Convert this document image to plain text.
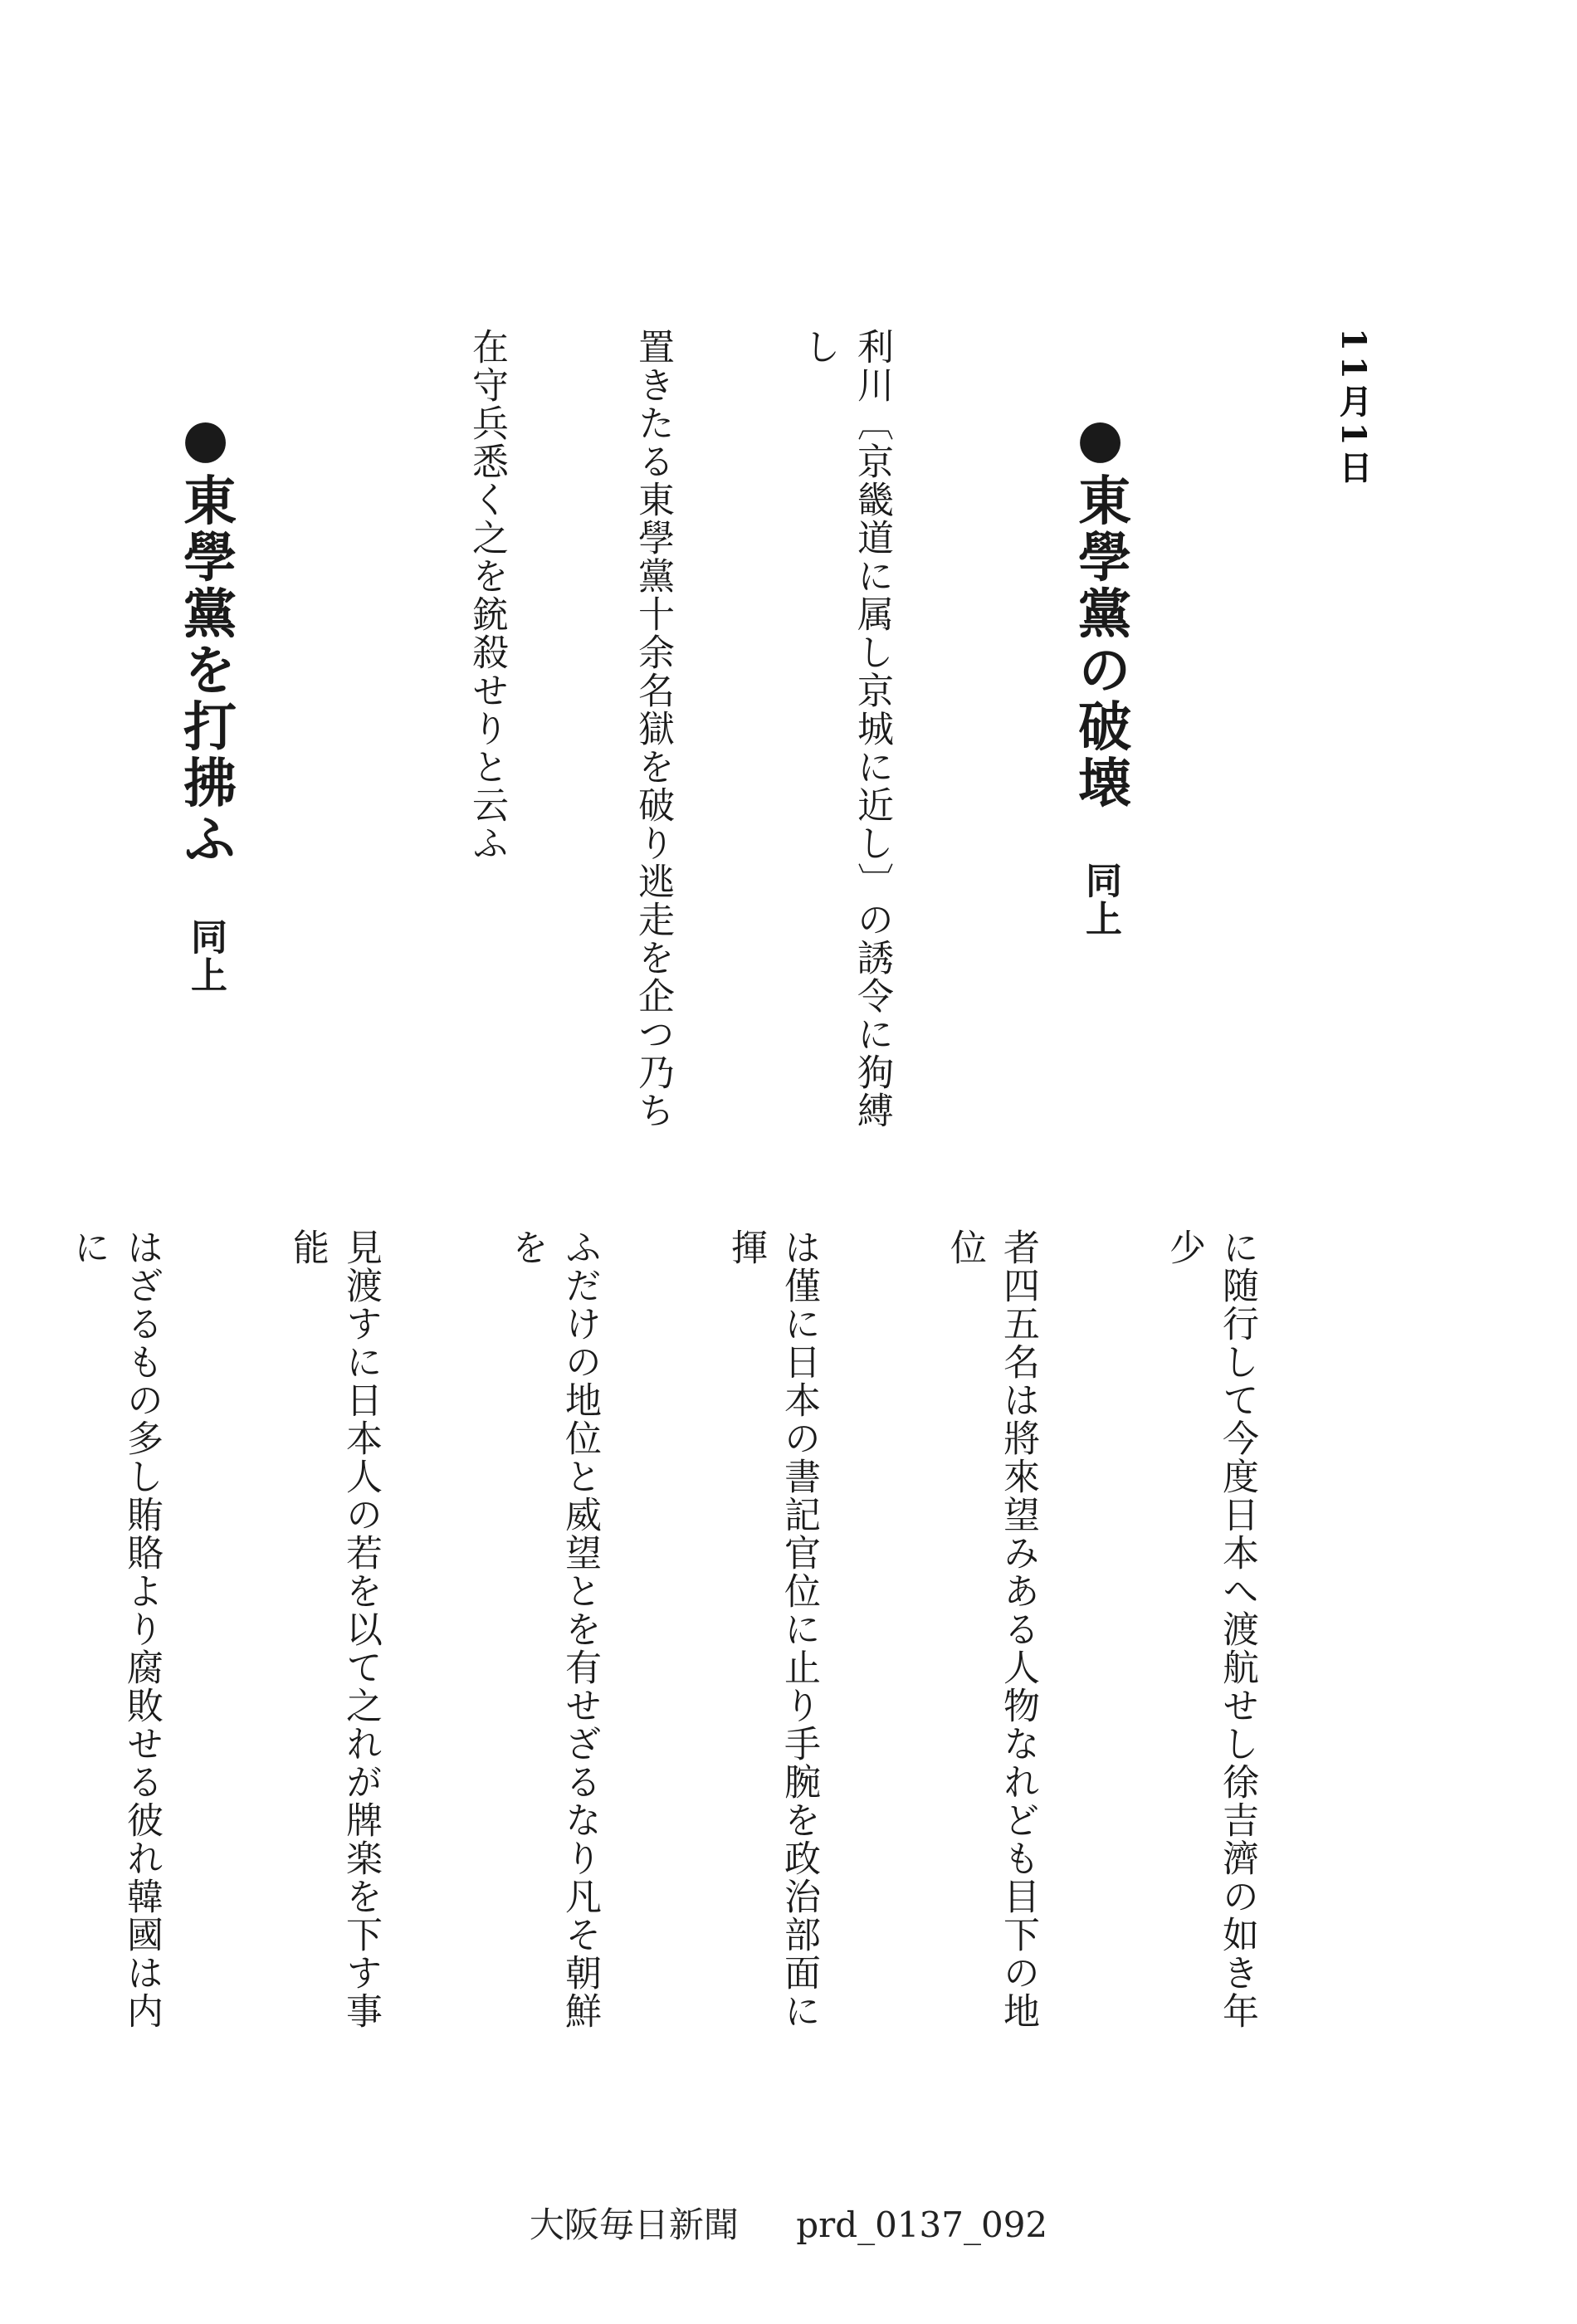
11月1日

●東學黨の破壊同上

利川〔京畿道に属し京城に近し〕の誘令に狗縛し

置きたる東學黨十余名獄を破り逃走を企つ乃ち

在守兵悉く之を銃殺せりと云ふ

●東學黨を打拂ふ同上

に随行して今度日本へ渡航せし徐吉濟の如き年少

者四五名は將來望みある人物なれども目下の地位

は僅に日本の書記官位に止り手腕を政治部面に揮

ふだけの地位と威望とを有せざるなり凡そ朝鮮を

見渡すに日本人の若を以て之れが牌楽を下す事能

はざるもの多し賄賂より腐敗せる彼れ韓國は内に

大阪毎日新聞 prd_0137_092
